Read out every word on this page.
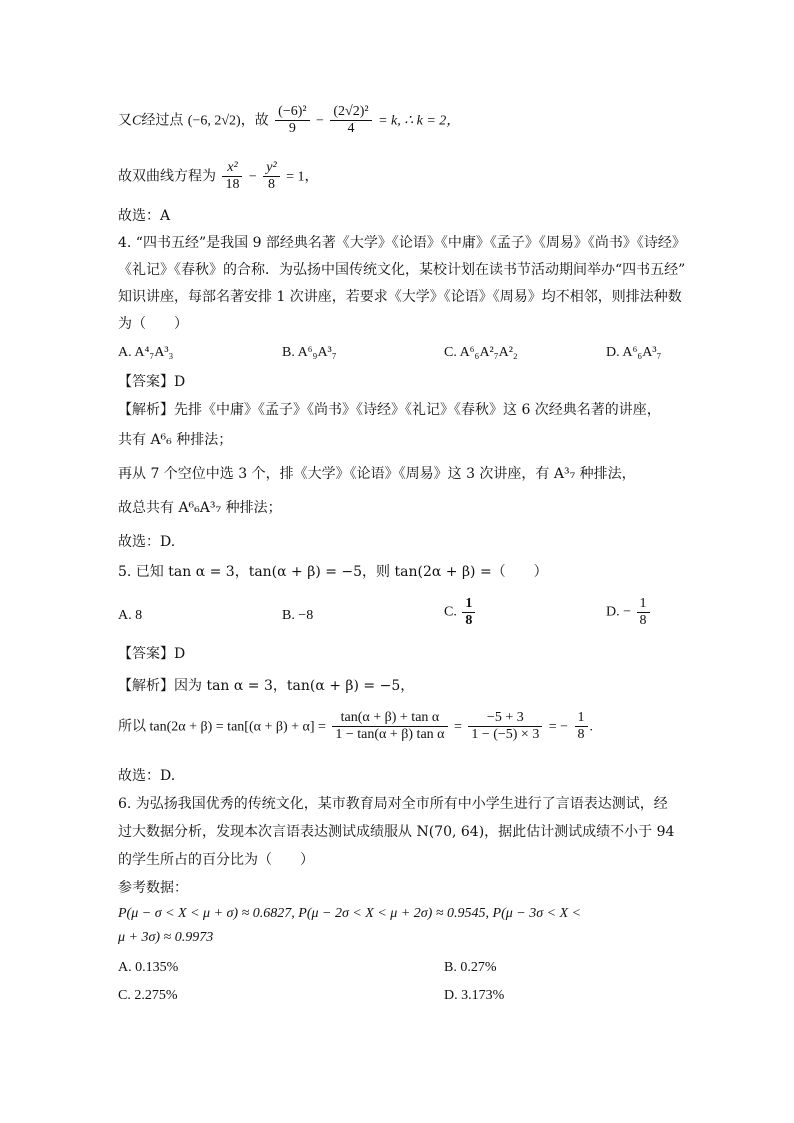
又C经过点 (−6, 2√2)，故 $\frac{\text{(−6)²}}{9} - \frac{\text{(2√2)²}}{4} = k$, ∴ k = 2，
故双曲线方程为 $\frac{\text{x²}}{18} - \frac{\text{y²}}{8} = 1$，
故选：A
4. “四书五经”是我国 9 部经典名著《大学》《论语》《中庸》《孟子》《周易》《尚书》《诗经》
《礼记》《春秋》的合称．为弘扬中国传统文化，某校计划在读书节活动期间举办“四书五经”
知识讲座，每部名著安排 1 次讲座，若要求《大学》《论语》《周易》均不相邻，则排法种数
为（　　）
A. A⁴₇A³₃	B. A⁶₉A³₇	C. A⁶₆A²₇A²₂	D. A⁶₆A³₇
【答案】D
【解析】先排《中庸》《孟子》《尚书》《诗经》《礼记》《春秋》这 6 次经典名著的讲座，
共有 A⁶₆ 种排法；
再从 7 个空位中选 3 个，排《大学》《论语》《周易》这 3 次讲座，有 A³₇ 种排法，
故总共有 A⁶₆A³₇ 种排法；
故选：D.
5. 已知 tan α = 3，tan(α + β) = −5，则 tan(2α + β) =（　　）
A. 8	B. −8	C. $\frac{1}{8}$	D. − $\frac{1}{8}$
【答案】D
【解析】因为 tan α = 3，tan(α + β) = −5，
所以 $\tan(2\alpha + \beta) = \tan[(\alpha + \beta) + \alpha] = \frac{\text{tan(α + β) + tan α}}{\text{1 − tan(α + β) tan α}} = \frac{-5 + 3}{1 - (-5) \times 3}$ = − $\frac{1}{8}$ .
故选：D.
6. 为弘扬我国优秀的传统文化，某市教育局对全市所有中小学生进行了言语表达测试，经
过大数据分析，发现本次言语表达测试成绩服从 N(70, 64)，据此估计测试成绩不小于 94
的学生所占的百分比为（　　）
参考数据：
P(μ − σ < X < μ + σ) ≈ 0.6827, P(μ − 2σ < X < μ + 2σ) ≈ 0.9545, P(μ − 3σ < X <
μ + 3σ) ≈ 0.9973
A. 0.135%	B. 0.27%
C. 2.275%	D. 3.173%
